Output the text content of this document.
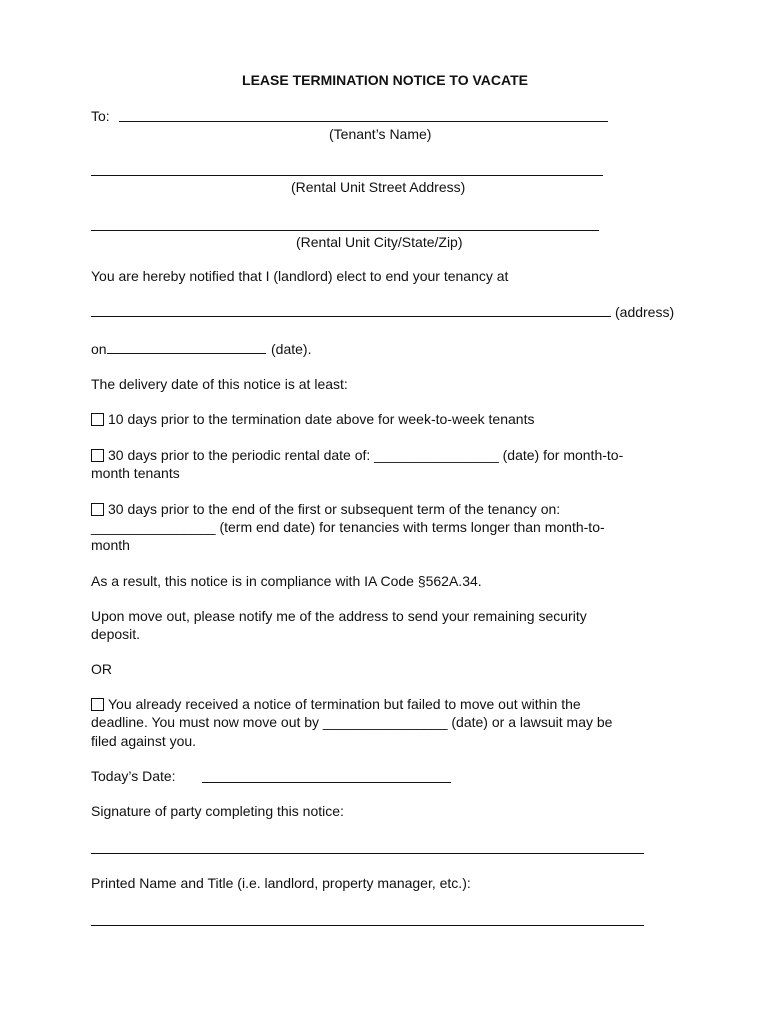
LEASE TERMINATION NOTICE TO VACATE
To:
(Tenant’s Name)
(Rental Unit Street Address)
(Rental Unit City/State/Zip)
You are hereby notified that I (landlord) elect to end your tenancy at
(address)
on	(date).
The delivery date of this notice is at least:
10 days prior to the termination date above for week-to-week tenants
30 days prior to the periodic rental date of: ________________ (date) for month-to-
month tenants
30 days prior to the end of the first or subsequent term of the tenancy on:
________________ (term end date) for tenancies with terms longer than month-to-
month
As a result, this notice is in compliance with IA Code §562A.34.
Upon move out, please notify me of the address to send your remaining security
deposit.
OR
You already received a notice of termination but failed to move out within the
deadline. You must now move out by ________________ (date) or a lawsuit may be
filed against you.
Today’s Date:
Signature of party completing this notice:
Printed Name and Title (i.e. landlord, property manager, etc.):
